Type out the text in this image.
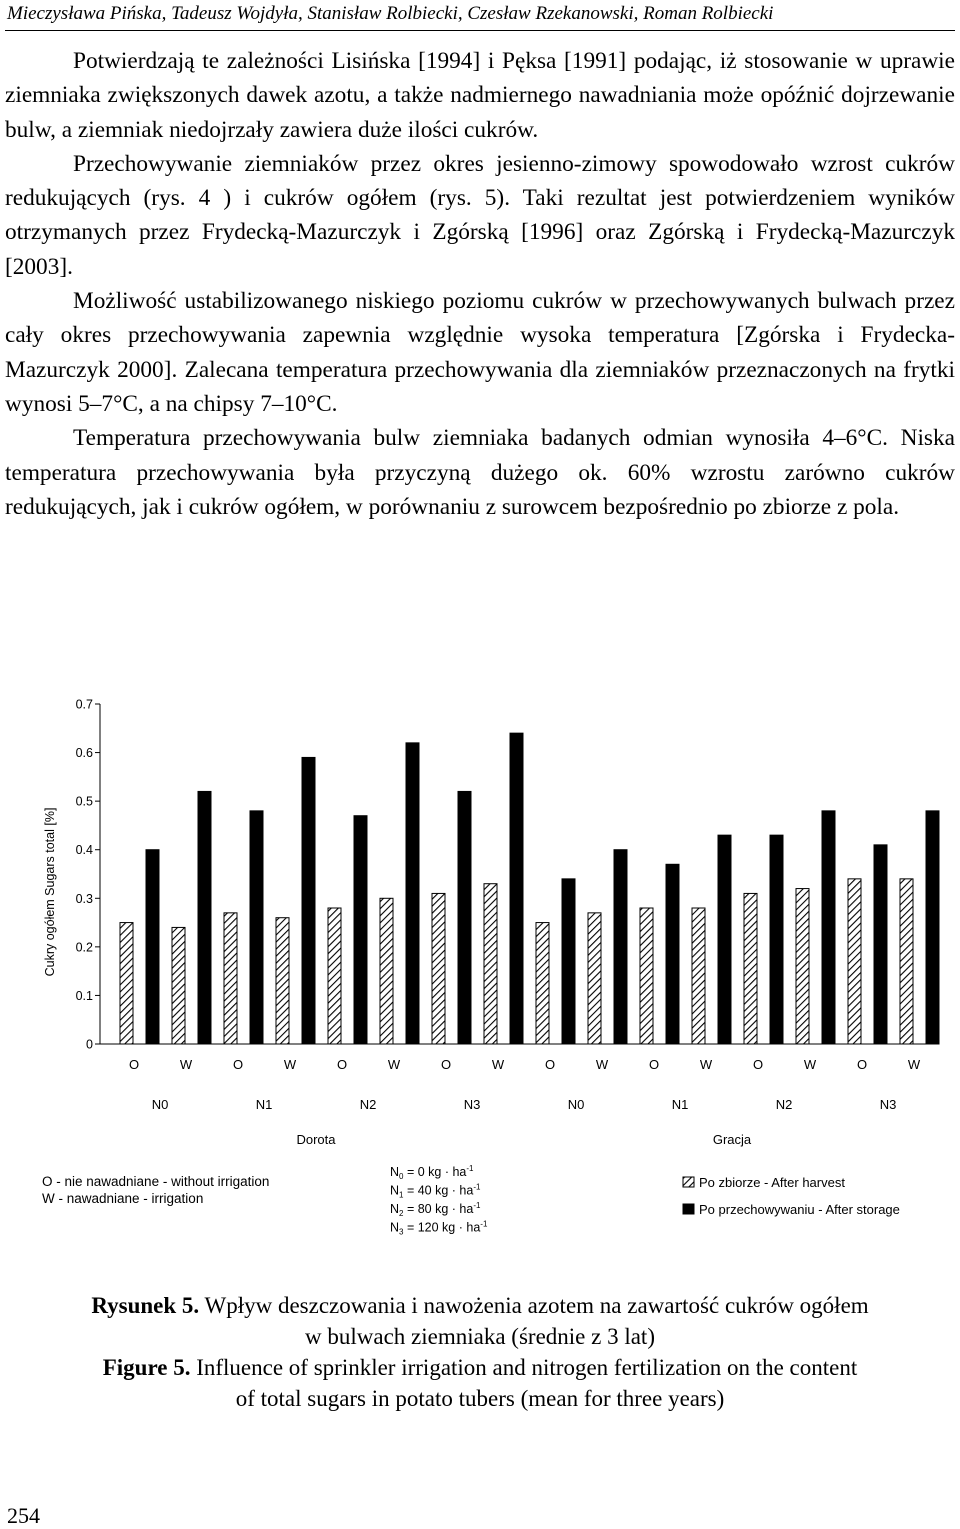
Mieczysława Pińska, Tadeusz Wojdyła, Stanisław Rolbiecki, Czesław Rzekanowski, Roman Rolbiecki

Potwierdzają te zależności Lisińska [1994] i Pęksa [1991] podając, iż stosowanie w uprawie ziemniaka zwiększonych dawek azotu, a także nadmiernego nawadniania może opóźnić dojrzewanie bulw, a ziemniak niedojrzały zawiera duże ilości cukrów.

Przechowywanie ziemniaków przez okres jesienno-zimowy spowodowało wzrost cukrów redukujących (rys. 4 ) i cukrów ogółem (rys. 5). Taki rezultat jest potwierdzeniem wyników otrzymanych przez Frydecką-Mazurczyk i Zgórską [1996] oraz Zgórską i Frydecką-Mazurczyk [2003].

Możliwość ustabilizowanego niskiego poziomu cukrów w przechowywanych bulwach przez cały okres przechowywania zapewnia względnie wysoka temperatura [Zgórska i Frydecka-Mazurczyk 2000]. Zalecana temperatura przechowywania dla ziemniaków przeznaczonych na frytki wynosi 5–7°C, a na chipsy 7–10°C.

Temperatura przechowywania bulw ziemniaka badanych odmian wynosiła 4–6°C. Niska temperatura przechowywania była przyczyną dużego ok. 60% wzrostu zarówno cukrów redukujących, jak i cukrów ogółem, w porównaniu z surowcem bezpośrednio po zbiorze z pola.

0
0.1
0.2
0.3
0.4
0.5
0.6
0.7
Cukry ogółem Sugars total [%]
O	W	O	W	O	W	O	W	O	W	O	W	O	W	O	W
N0	N1	N2	N3	N0	N1	N2	N3
Dorota	Gracja
O - nie nawadniane - without irrigation
W - nawadniane - irrigation
$N_0 = 0$ kg · $ha^{-1}$
$N_1 = 40$ kg · $ha^{-1}$
$N_2 = 80$ kg · $ha^{-1}$
$N_3 = 120$ kg · $ha^{-1}$
Po zbiorze - After harvest
Po przechowywaniu - After storage
Rysunek 5. Wpływ deszczowania i nawożenia azotem na zawartość cukrów ogółem
w bulwach ziemniaka (średnie z 3 lat)
Figure 5. Influence of sprinkler irrigation and nitrogen fertilization on the content
of total sugars in potato tubers (mean for three years)
254
